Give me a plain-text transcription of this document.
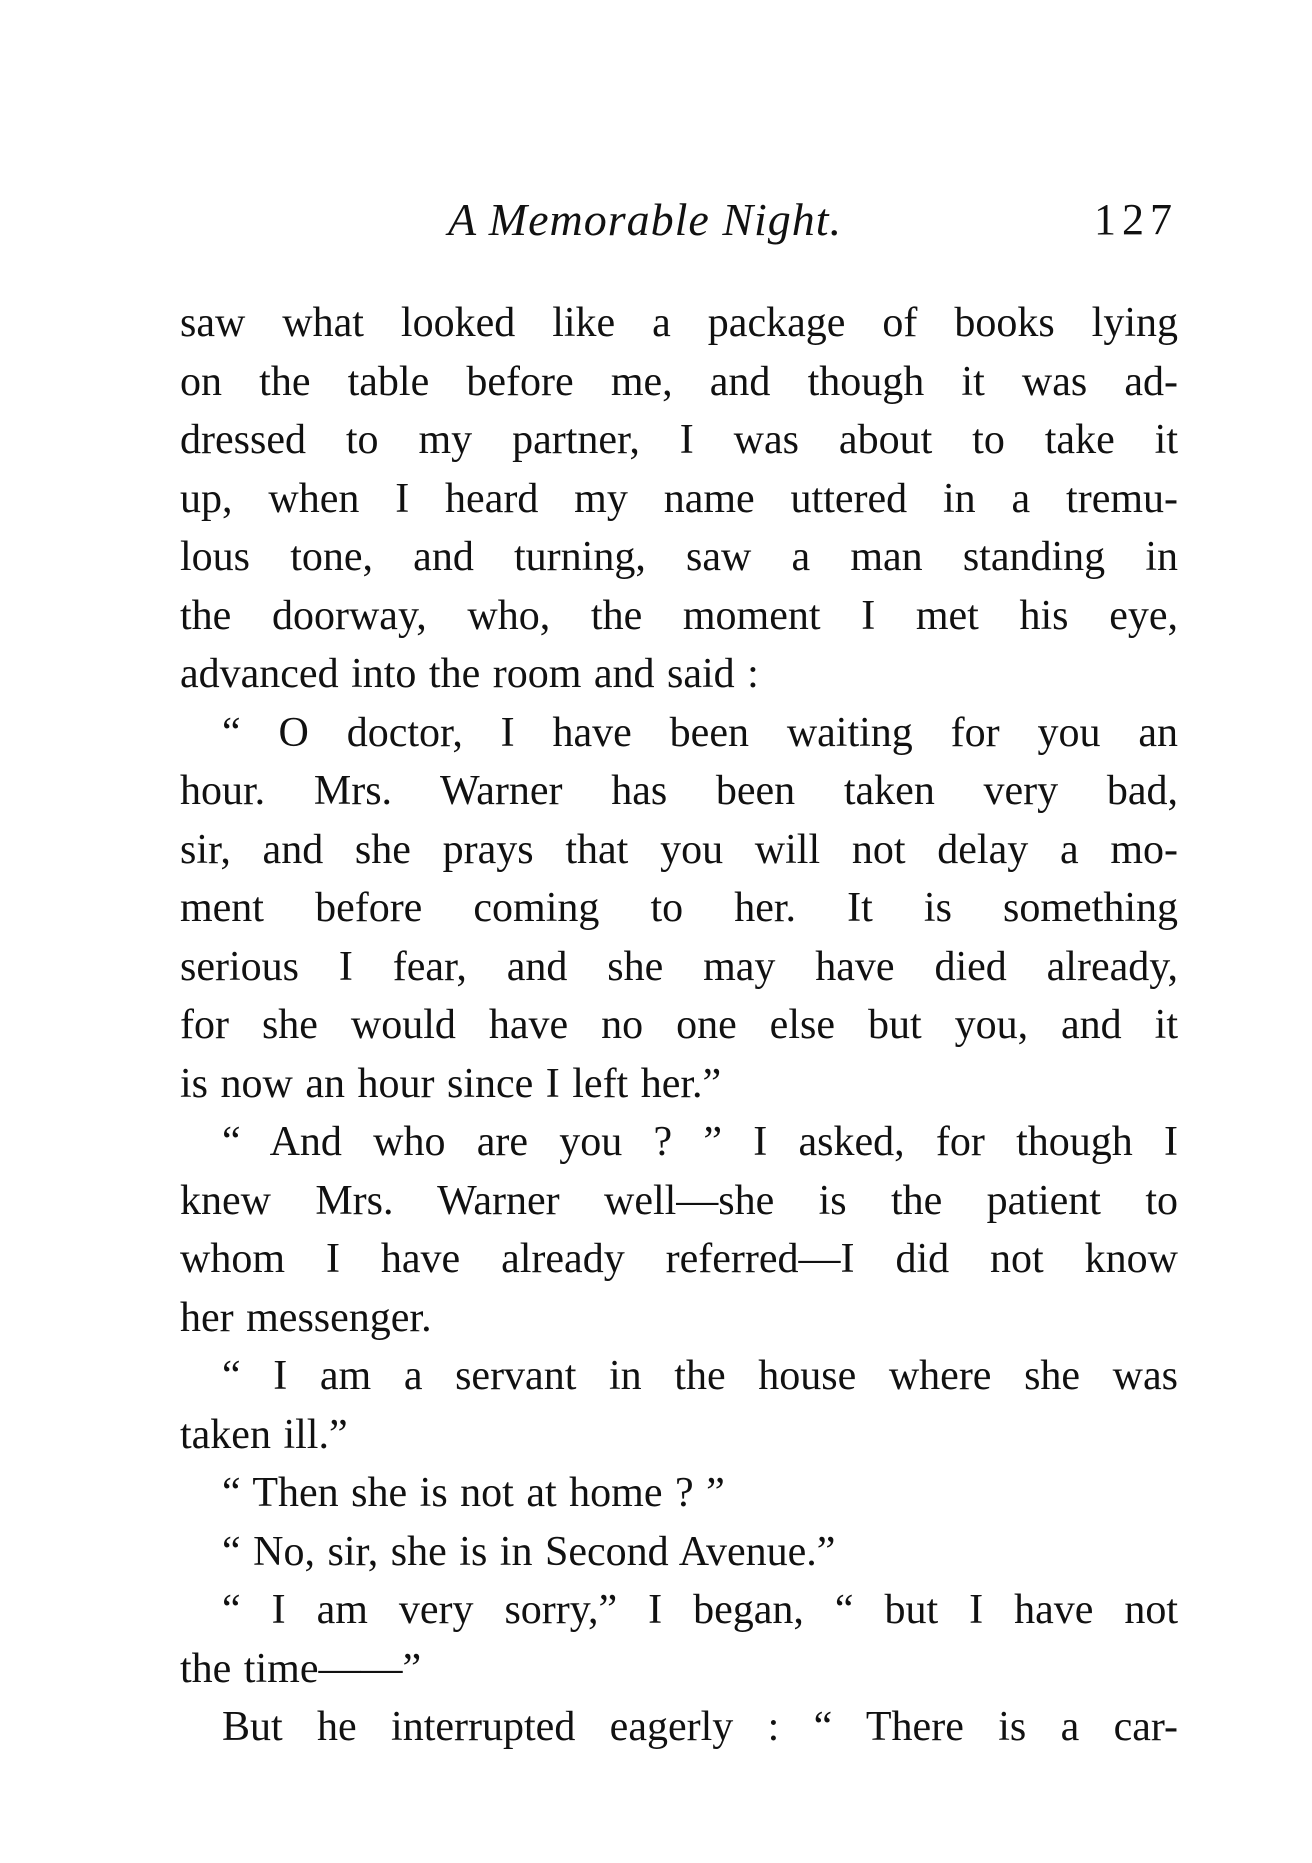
A Memorable Night.	127
saw what looked like a package of books lying
on the table before me, and though it was ad-
dressed to my partner, I was about to take it
up, when I heard my name uttered in a tremu-
lous tone, and turning, saw a man standing in
the doorway, who, the moment I met his eye,
advanced into the room and said :
“ O doctor, I have been waiting for you an
hour. Mrs. Warner has been taken very bad,
sir, and she prays that you will not delay a mo-
ment before coming to her. It is something
serious I fear, and she may have died already,
for she would have no one else but you, and it
is now an hour since I left her.”
“ And who are you ? ” I asked, for though I
knew Mrs. Warner well—she is the patient to
whom I have already referred—I did not know
her messenger.
“ I am a servant in the house where she was
taken ill.”
“ Then she is not at home ? ”
“ No, sir, she is in Second Avenue.”
“ I am very sorry,” I began, “ but I have not
the time——”
But he interrupted eagerly : “ There is a car-
